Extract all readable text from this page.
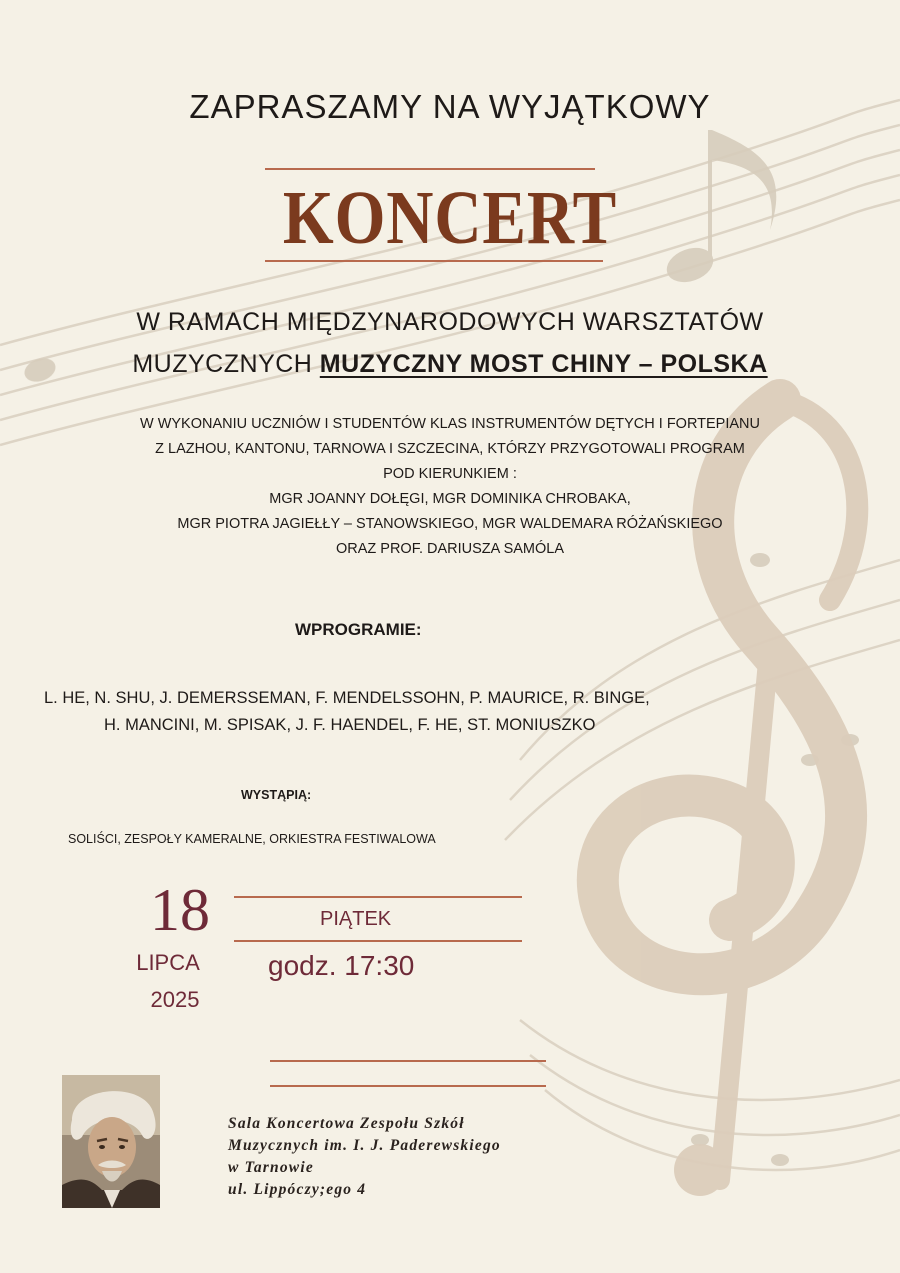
ZAPRASZAMY NA WYJĄTKOWY
KONCERT
W RAMACH MIĘDZYNARODOWYCH WARSZTATÓW
MUZYCZNYCH MUZYCZNY MOST CHINY – POLSKA
W WYKONANIU UCZNIÓW I STUDENTÓW KLAS INSTRUMENTÓW DĘTYCH I FORTEPIANU
Z LAZHOU, KANTONU, TARNOWA I SZCZECINA, KTÓRZY PRZYGOTOWALI PROGRAM
POD KIERUNKIEM :
MGR JOANNY DOŁĘGI, MGR DOMINIKA CHROBAKA,
MGR PIOTRA JAGIEŁŁY – STANOWSKIEGO, MGR WALDEMARA RÓŻAŃSKIEGO
ORAZ PROF. DARIUSZA SAMÓLA
WPROGRAMIE:
L. HE, N. SHU, J. DEMERSSEMAN, F. MENDELSSOHN, P. MAURICE, R. BINGE,
H. MANCINI, M. SPISAK, J. F. HAENDEL, F. HE, ST. MONIUSZKO
WYSTĄPIĄ:
SOLIŚCI, ZESPOŁY KAMERALNE, ORKIESTRA FESTIWALOWA
18
LIPCA
2025
PIĄTEK
godz. 17:30
Sala Koncertowa Zespołu Szkół
Muzycznych im. I. J. Paderewskiego
w Tarnowie
ul. Lippóczy;ego 4
